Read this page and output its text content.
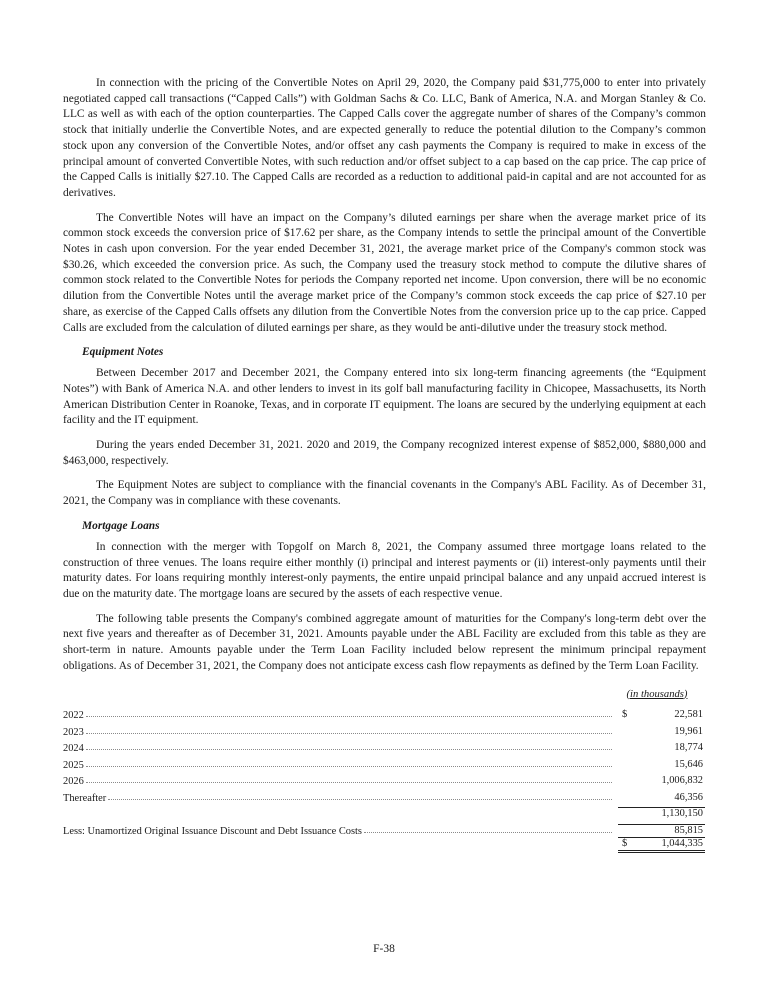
In connection with the pricing of the Convertible Notes on April 29, 2020, the Company paid $31,775,000 to enter into privately negotiated capped call transactions (“Capped Calls”) with Goldman Sachs & Co. LLC, Bank of America, N.A. and Morgan Stanley & Co. LLC as well as with each of the option counterparties. The Capped Calls cover the aggregate number of shares of the Company’s common stock that initially underlie the Convertible Notes, and are expected generally to reduce the potential dilution to the Company’s common stock upon any conversion of the Convertible Notes, and/or offset any cash payments the Company is required to make in excess of the principal amount of converted Convertible Notes, with such reduction and/or offset subject to a cap based on the cap price. The cap price of the Capped Calls is initially $27.10. The Capped Calls are recorded as a reduction to additional paid-in capital and are not accounted for as derivatives.

The Convertible Notes will have an impact on the Company’s diluted earnings per share when the average market price of its common stock exceeds the conversion price of $17.62 per share, as the Company intends to settle the principal amount of the Convertible Notes in cash upon conversion. For the year ended December 31, 2021, the average market price of the Company's common stock was $30.26, which exceeded the conversion price. As such, the Company used the treasury stock method to compute the dilutive shares of common stock related to the Convertible Notes for periods the Company reported net income. Upon conversion, there will be no economic dilution from the Convertible Notes until the average market price of the Company’s common stock exceeds the cap price of $27.10 per share, as exercise of the Capped Calls offsets any dilution from the Convertible Notes from the conversion price up to the cap price. Capped Calls are excluded from the calculation of diluted earnings per share, as they would be anti-dilutive under the treasury stock method.

Equipment Notes

Between December 2017 and December 2021, the Company entered into six long-term financing agreements (the “Equipment Notes”) with Bank of America N.A. and other lenders to invest in its golf ball manufacturing facility in Chicopee, Massachusetts, its North American Distribution Center in Roanoke, Texas, and in corporate IT equipment. The loans are secured by the underlying equipment at each facility and the IT equipment.

During the years ended December 31, 2021. 2020 and 2019, the Company recognized interest expense of $852,000, $880,000 and $463,000, respectively.

The Equipment Notes are subject to compliance with the financial covenants in the Company's ABL Facility. As of December 31, 2021, the Company was in compliance with these covenants.

Mortgage Loans

In connection with the merger with Topgolf on March 8, 2021, the Company assumed three mortgage loans related to the construction of three venues. The loans require either monthly (i) principal and interest payments or (ii) interest-only payments until their maturity dates. For loans requiring monthly interest-only payments, the entire unpaid principal balance and any unpaid accrued interest is due on the maturity date. The mortgage loans are secured by the assets of each respective venue.

The following table presents the Company's combined aggregate amount of maturities for the Company's long-term debt over the next five years and thereafter as of December 31, 2021. Amounts payable under the ABL Facility are excluded from this table as they are short-term in nature. Amounts payable under the Term Loan Facility included below represent the minimum principal repayment obligations. As of December 31, 2021, the Company does not anticipate excess cash flow repayments as defined by the Term Loan Facility.

(in thousands)
2022	$	22,581
2023	19,961
2024	18,774
2025	15,646
2026	1,006,832
Thereafter	46,356
1,130,150
Less: Unamortized Original Issuance Discount and Debt Issuance Costs	85,815
$	1,044,335
F-38
